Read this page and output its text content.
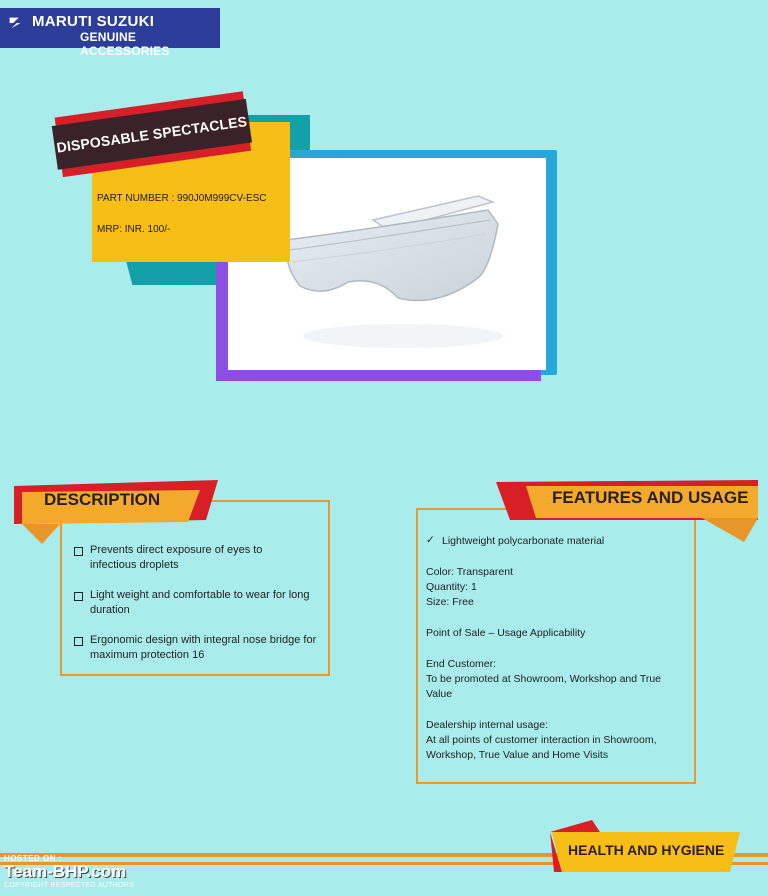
MARUTI SUZUKI
GENUINE ACCESSORIES
DISPOSABLE SPECTACLES
PART NUMBER : 990J0M999CV-ESC
MRP: INR. 100/-
Prevents direct exposure of eyes to infectious droplets
Light weight and comfortable to wear for long duration
Ergonomic design with integral nose bridge for maximum protection 16
DESCRIPTION
✓ Lightweight polycarbonate material
Color: Transparent
Quantity: 1
Size: Free
Point of Sale – Usage Applicability
End Customer:
To be promoted at Showroom, Workshop and True Value
Dealership internal usage:
At all points of customer interaction in Showroom, Workshop, True Value and Home Visits
FEATURES AND USAGE
HEALTH AND HYGIENE
HOSTED ON :
Team-BHP.com
COPYRIGHT RESPECTED AUTHORS
